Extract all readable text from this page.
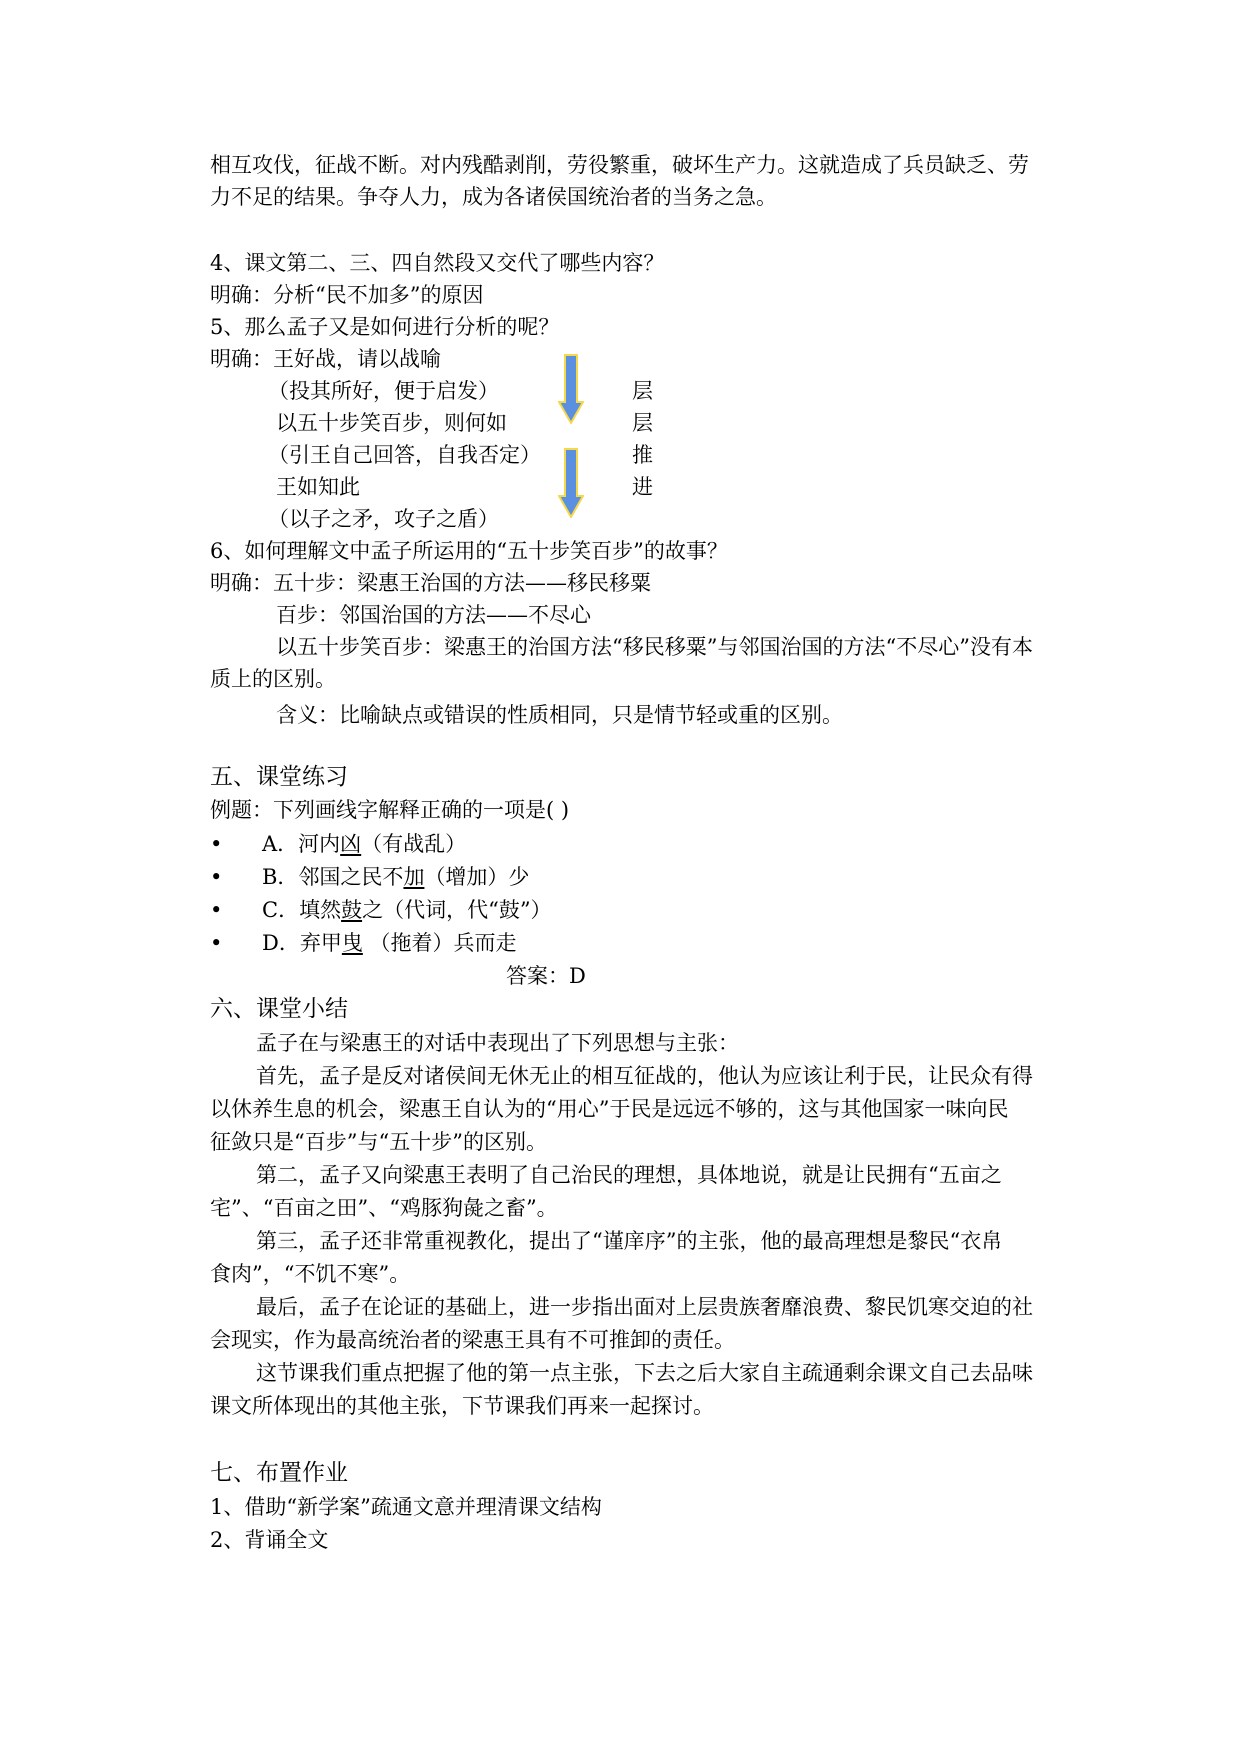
相互攻伐，征战不断。对内残酷剥削，劳役繁重，破坏生产力。这就造成了兵员缺乏、劳

力不足的结果。争夺人力，成为各诸侯国统治者的当务之急。

4、课文第二、三、四自然段又交代了哪些内容？

明确：分析“民不加多”的原因

5、那么孟子又是如何进行分析的呢？

明确：王好战，请以战喻

（投其所好，便于启发）

以五十步笑百步，则何如

（引王自己回答，自我否定）

王如知此

（以子之矛，攻子之盾）

层
层
推
进

6、如何理解文中孟子所运用的“五十步笑百步”的故事？

明确：五十步：梁惠王治国的方法——移民移粟

百步：邻国治国的方法——不尽心

以五十步笑百步：梁惠王的治国方法“移民移粟”与邻国治国的方法“不尽心”没有本

质上的区别。

含义：比喻缺点或错误的性质相同，只是情节轻或重的区别。

五、课堂练习

例题：下列画线字解释正确的一项是( )

• A．河内凶（有战乱）
• B．邻国之民不加（增加）少
• C．填然鼓之（代词，代“鼓”）
• D．弃甲曳 （拖着）兵而走
答案：D

六、课堂小结

孟子在与梁惠王的对话中表现出了下列思想与主张：

首先，孟子是反对诸侯间无休无止的相互征战的，他认为应该让利于民，让民众有得

以休养生息的机会，梁惠王自认为的“用心”于民是远远不够的，这与其他国家一味向民

征敛只是“百步”与“五十步”的区别。

第二，孟子又向梁惠王表明了自己治民的理想，具体地说，就是让民拥有“五亩之

宅”、“百亩之田”、“鸡豚狗彘之畜”。

第三，孟子还非常重视教化，提出了“谨庠序”的主张，他的最高理想是黎民“衣帛

食肉”，“不饥不寒”。

最后，孟子在论证的基础上，进一步指出面对上层贵族奢靡浪费、黎民饥寒交迫的社

会现实，作为最高统治者的梁惠王具有不可推卸的责任。

这节课我们重点把握了他的第一点主张，下去之后大家自主疏通剩余课文自己去品味

课文所体现出的其他主张，下节课我们再来一起探讨。

七、布置作业

1、借助“新学案”疏通文意并理清课文结构

2、背诵全文
